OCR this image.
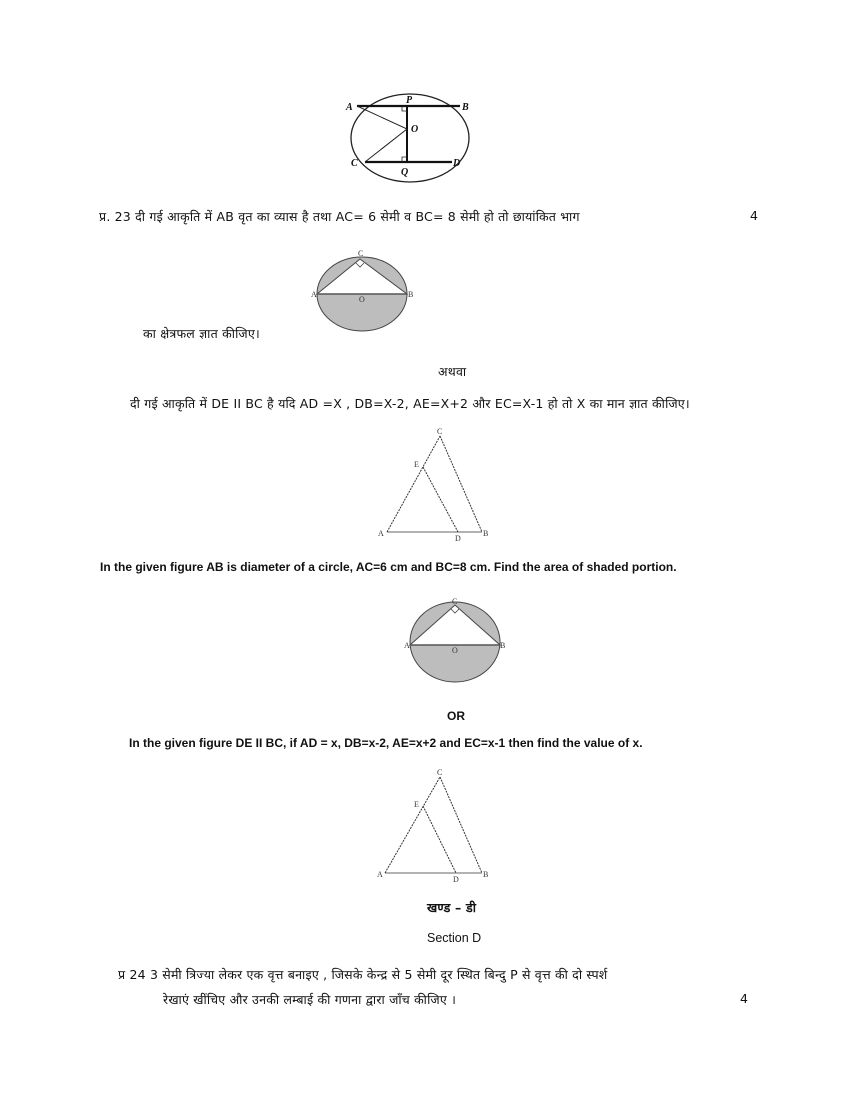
A	B
C	D
P
O
Q
C
A	B
O
C
E
A
D
B
C
A	B
O
C
E
A
D
B
प्र. 23 दी गई आकृति में AB वृत का व्यास है तथा AC= 6 सेमी व BC= 8 सेमी हो तो छायांकित भाग	4
का क्षेत्रफल ज्ञात कीजिए।
अथवा
दी गई आकृति में DE II BC है यदि AD =X , DB=X-2, AE=X+2 और EC=X-1 हो तो X का मान ज्ञात कीजिए।
In the given figure AB is diameter of a circle, AC=6 cm and BC=8 cm. Find the area of shaded portion.
OR
In the given figure DE II BC, if AD = x, DB=x-2, AE=x+2 and EC=x-1 then find the value of x.
खण्ड – डी
Section D
प्र 24 3 सेमी त्रिज्या लेकर एक वृत्त बनाइए , जिसके केन्द्र से 5 सेमी दूर स्थित बिन्दु P से वृत्त की दो स्पर्श
रेखाएं खींचिए और उनकी लम्बाई की गणना द्वारा जाँच कीजिए ।	4
